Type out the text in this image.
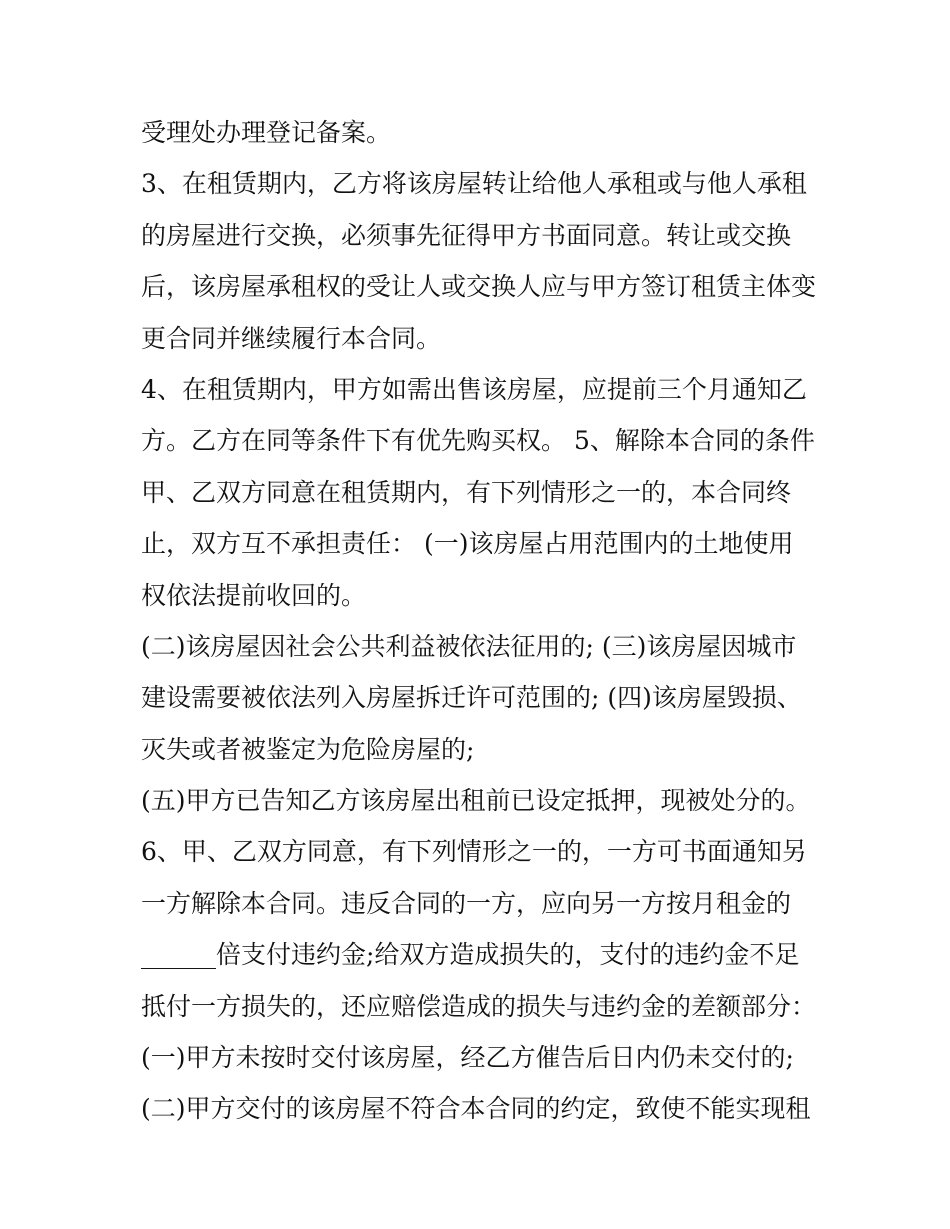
受理处办理登记备案。
3、在租赁期内，乙方将该房屋转让给他人承租或与他人承租
的房屋进行交换，必须事先征得甲方书面同意。转让或交换
后，该房屋承租权的受让人或交换人应与甲方签订租赁主体变
更合同并继续履行本合同。
4、在租赁期内，甲方如需出售该房屋，应提前三个月通知乙
方。乙方在同等条件下有优先购买权。 5、解除本合同的条件
甲、乙双方同意在租赁期内，有下列情形之一的，本合同终
止，双方互不承担责任： (一)该房屋占用范围内的土地使用
权依法提前收回的。
(二)该房屋因社会公共利益被依法征用的; (三)该房屋因城市
建设需要被依法列入房屋拆迁许可范围的; (四)该房屋毁损、
灭失或者被鉴定为危险房屋的;
(五)甲方已告知乙方该房屋出租前已设定抵押，现被处分的。
6、甲、乙双方同意，有下列情形之一的，一方可书面通知另
一方解除本合同。违反合同的一方，应向另一方按月租金的
______倍支付违约金;给双方造成损失的，支付的违约金不足
抵付一方损失的，还应赔偿造成的损失与违约金的差额部分：
(一)甲方未按时交付该房屋，经乙方催告后日内仍未交付的;
(二)甲方交付的该房屋不符合本合同的约定，致使不能实现租
